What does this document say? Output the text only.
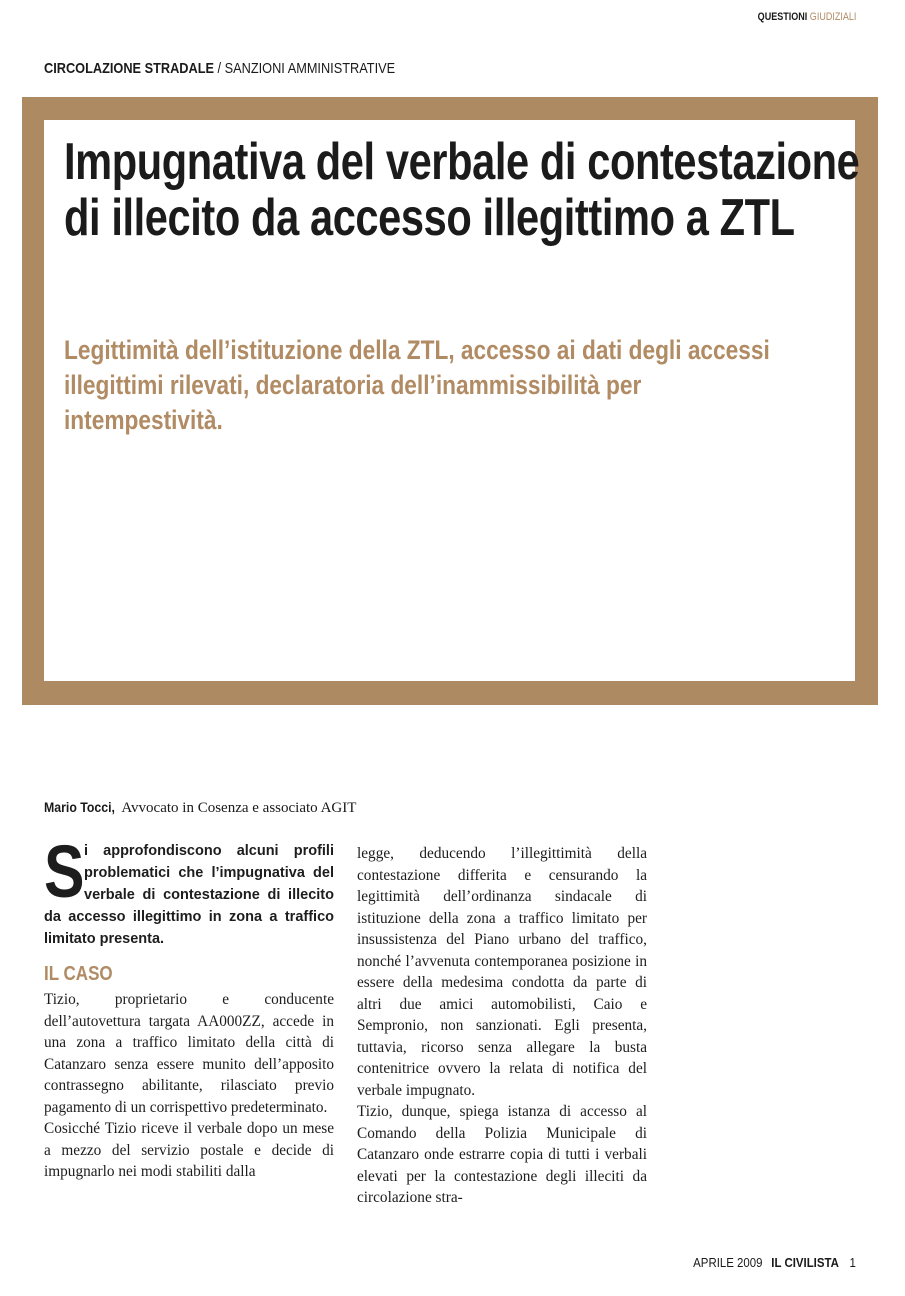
QUESTIONI GIUDIZIALI
CIRCOLAZIONE STRADALE / SANZIONI AMMINISTRATIVE
Impugnativa del verbale di contestazione di illecito da accesso illegittimo a ZTL
Legittimità dell’istituzione della ZTL, accesso ai dati degli accessi illegittimi rilevati, declaratoria dell’inammissibilità per intempestività.
Mario Tocci,  Avvocato in Cosenza e associato AGIT
S i approfondiscono alcuni profili problematici che l’impugnativa del verbale di contestazione di illecito da accesso illegittimo in zona a traffico limitato presenta.
IL CASO

Tizio, proprietario e conducente dell’autovettura targata AA000ZZ, accede in una zona a traffico limitato della città di Catanzaro senza essere munito dell’apposito contrassegno abilitante, rilasciato previo pagamento di un corrispettivo predeterminato.

Cosicché Tizio riceve il verbale dopo un mese a mezzo del servizio postale e decide di impugnarlo nei modi stabiliti dalla

legge, deducendo l’illegittimità della contestazione differita e censurando la legittimità dell’ordinanza sindacale di istituzione della zona a traffico limitato per insussistenza del Piano urbano del traffico, nonché l’avvenuta contemporanea posizione in essere della medesima condotta da parte di altri due amici automobilisti, Caio e Sempronio, non sanzionati. Egli presenta, tuttavia, ricorso senza allegare la busta contenitrice ovvero la relata di notifica del verbale impugnato.

Tizio, dunque, spiega istanza di accesso al Comando della Polizia Municipale di Catanzaro onde estrarre copia di tutti i verbali elevati per la contestazione degli illeciti da circolazione stra-

APRILE 2009 IL CIVILISTA 1
